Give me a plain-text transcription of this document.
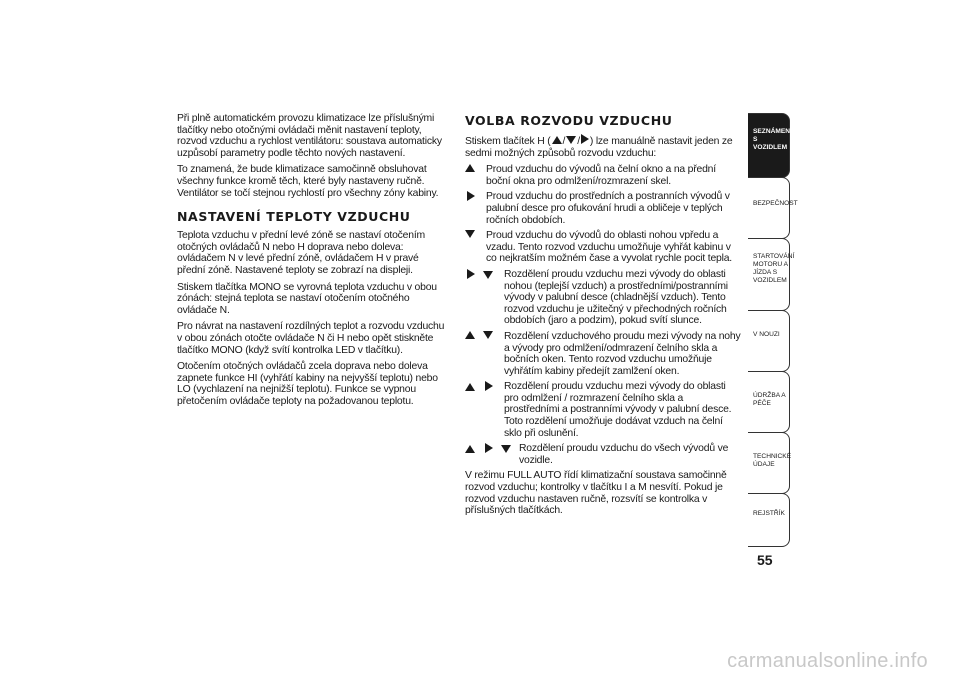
Při plně automatickém provozu klimatizace lze příslušnými tlačítky nebo otočnými ovládači měnit nastavení teploty, rozvod vzduchu a rychlost ventilátoru: soustava automaticky uzpůsobí parametry podle těchto nových nastavení.

To znamená, že bude klimatizace samočinně obsluhovat všechny funkce kromě těch, které byly nastaveny ručně. Ventilátor se točí stejnou rychlostí pro všechny zóny kabiny.

NASTAVENÍ TEPLOTY VZDUCHU

Teplota vzduchu v přední levé zóně se nastaví otočením otočných ovládačů N nebo H doprava nebo doleva: ovládačem N v levé přední zóně, ovládačem H v pravé přední zóně. Nastavené teploty se zobrazí na displeji.

Stiskem tlačítka MONO se vyrovná teplota vzduchu v obou zónách: stejná teplota se nastaví otočením otočného ovládače N.

Pro návrat na nastavení rozdílných teplot a rozvodu vzduchu v obou zónách otočte ovládače N či H nebo opět stiskněte tlačítko MONO (když svítí kontrolka LED v tlačítku).

Otočením otočných ovládačů zcela doprava nebo doleva zapnete funkce HI (vyhřátí kabiny na nejvyšší teplotu) nebo LO (vychlazení na nejnižší teplotu). Funkce se vypnou přetočením ovládače teploty na požadovanou teplotu.

VOLBA ROZVODU VZDUCHU

Stiskem tlačítek H ( / / ) lze manuálně nastavit jeden ze sedmi možných způsobů rozvodu vzduchu:

Proud vzduchu do vývodů na čelní okno a na přední boční okna pro odmlžení/rozmrazení skel.
Proud vzduchu do prostředních a postranních vývodů v palubní desce pro ofukování hrudi a obličeje v teplých ročních obdobích.
Proud vzduchu do vývodů do oblasti nohou vpředu a vzadu. Tento rozvod vzduchu umožňuje vyhřát kabinu v co nejkratším možném čase a vyvolat rychle pocit tepla.
Rozdělení proudu vzduchu mezi vývody do oblasti nohou (teplejší vzduch) a prostředními/postranními vývody v palubní desce (chladnější vzduch). Tento rozvod vzduchu je užitečný v přechodných ročních obdobích (jaro a podzim), pokud svítí slunce.
Rozdělení vzduchového proudu mezi vývody na nohy a vývody pro odmlžení/odmrazení čelního skla a bočních oken. Tento rozvod vzduchu umožňuje vyhřátím kabiny předejít zamlžení oken.
Rozdělení proudu vzduchu mezi vývody do oblasti pro odmlžení / rozmrazení čelního skla a prostředními a postranními vývody v palubní desce. Toto rozdělení umožňuje dodávat vzduch na čelní sklo při oslunění.
Rozdělení proudu vzduchu do všech vývodů ve vozidle.

V režimu FULL AUTO řídí klimatizační soustava samočinně rozvod vzduchu; kontrolky v tlačítku I a M nesvítí. Pokud je rozvod vzduchu nastaven ručně, rozsvítí se kontrolka v příslušných tlačítkách.

SEZNÁMENÍ S VOZIDLEM
BEZPEČNOST
STARTOVÁNÍ MOTORU A JÍZDA S VOZIDLEM
V NOUZI
ÚDRŽBA A PÉČE
TECHNICKÉ ÚDAJE
REJSTŘÍK
55
carmanualsonline.info
